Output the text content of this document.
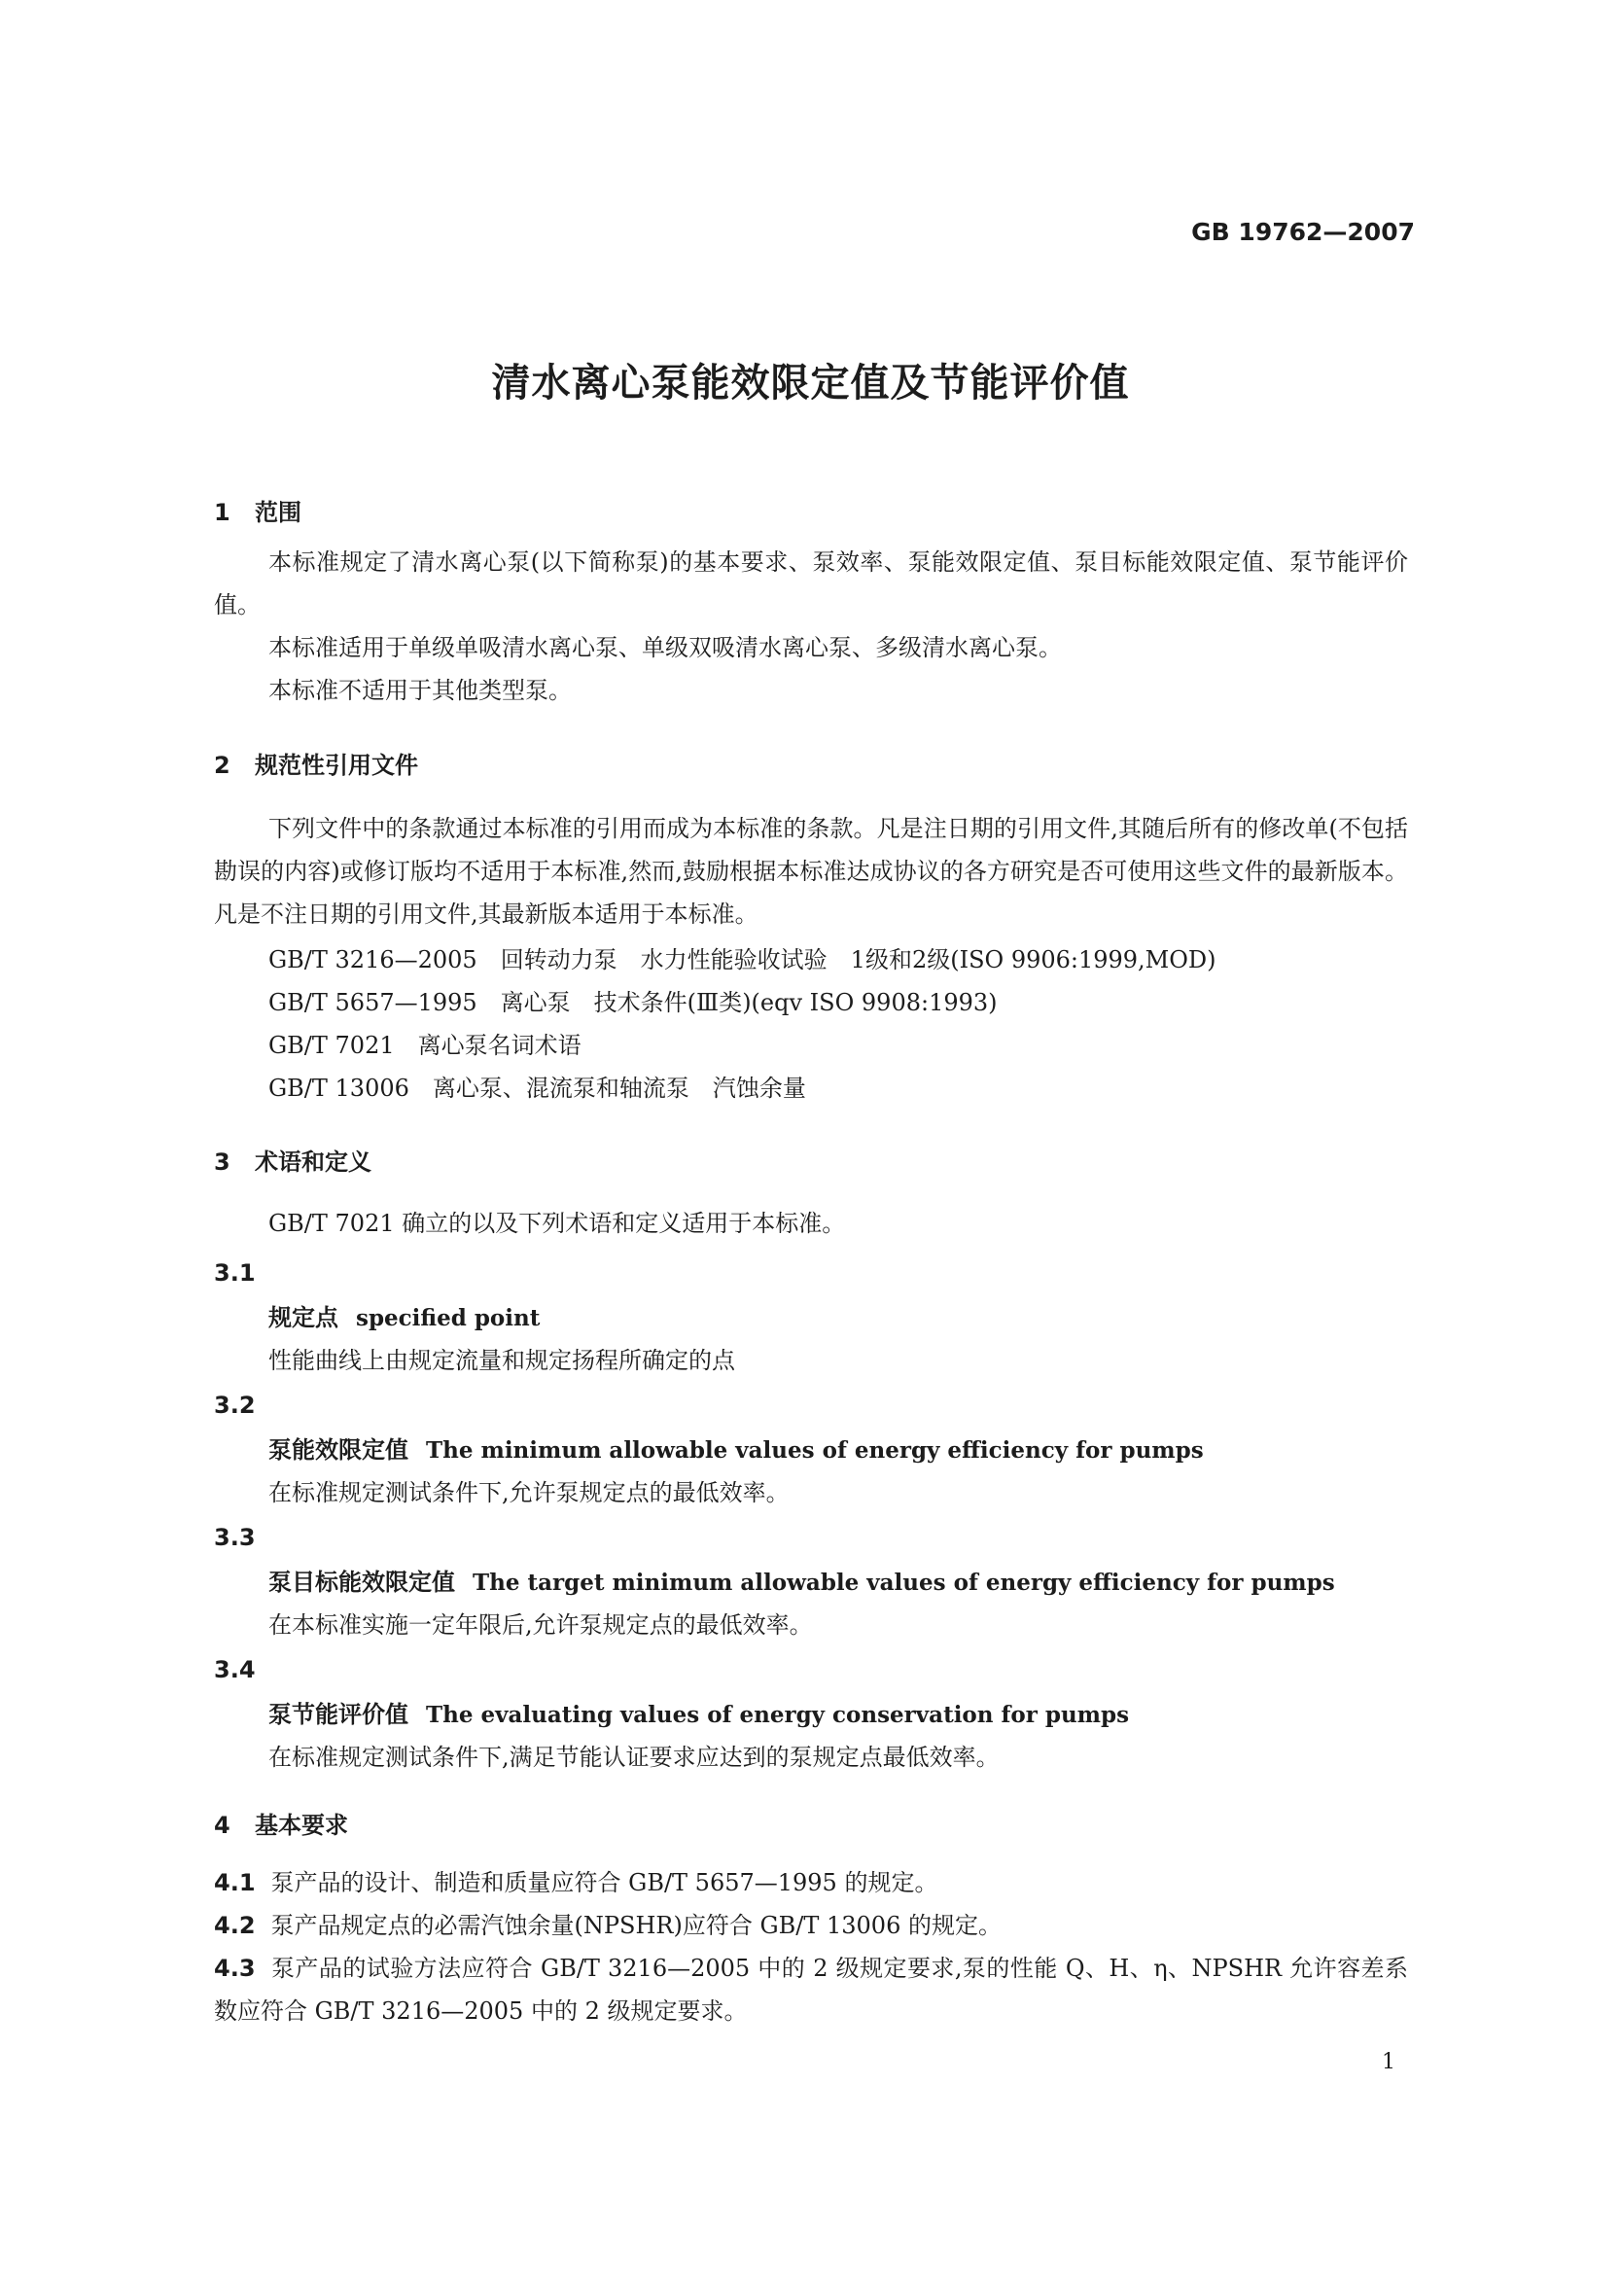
GB 19762—2007
清水离心泵能效限定值及节能评价值
1 范围
本标准规定了清水离心泵(以下简称泵)的基本要求、泵效率、泵能效限定值、泵目标能效限定值、泵节能评价值。
本标准适用于单级单吸清水离心泵、单级双吸清水离心泵、多级清水离心泵。
本标准不适用于其他类型泵。
2 规范性引用文件
下列文件中的条款通过本标准的引用而成为本标准的条款。凡是注日期的引用文件,其随后所有的修改单(不包括勘误的内容)或修订版均不适用于本标准,然而,鼓励根据本标准达成协议的各方研究是否可使用这些文件的最新版本。凡是不注日期的引用文件,其最新版本适用于本标准。
GB/T 3216—2005 回转动力泵　水力性能验收试验　1级和2级(ISO 9906:1999,MOD)
GB/T 5657—1995 离心泵　技术条件(Ⅲ类)(eqv ISO 9908:1993)
GB/T 7021 离心泵名词术语
GB/T 13006 离心泵、混流泵和轴流泵　汽蚀余量
3 术语和定义
GB/T 7021 确立的以及下列术语和定义适用于本标准。
3.1
规定点 specified point
性能曲线上由规定流量和规定扬程所确定的点
3.2
泵能效限定值 The minimum allowable values of energy efficiency for pumps
在标准规定测试条件下,允许泵规定点的最低效率。
3.3
泵目标能效限定值 The target minimum allowable values of energy efficiency for pumps
在本标准实施一定年限后,允许泵规定点的最低效率。
3.4
泵节能评价值 The evaluating values of energy conservation for pumps
在标准规定测试条件下,满足节能认证要求应达到的泵规定点最低效率。
4 基本要求
4.1 泵产品的设计、制造和质量应符合 GB/T 5657—1995 的规定。
4.2 泵产品规定点的必需汽蚀余量(NPSHR)应符合 GB/T 13006 的规定。
4.3 泵产品的试验方法应符合 GB/T 3216—2005 中的 2 级规定要求,泵的性能 Q、H、η、NPSHR 允许容差系数应符合 GB/T 3216—2005 中的 2 级规定要求。
1
